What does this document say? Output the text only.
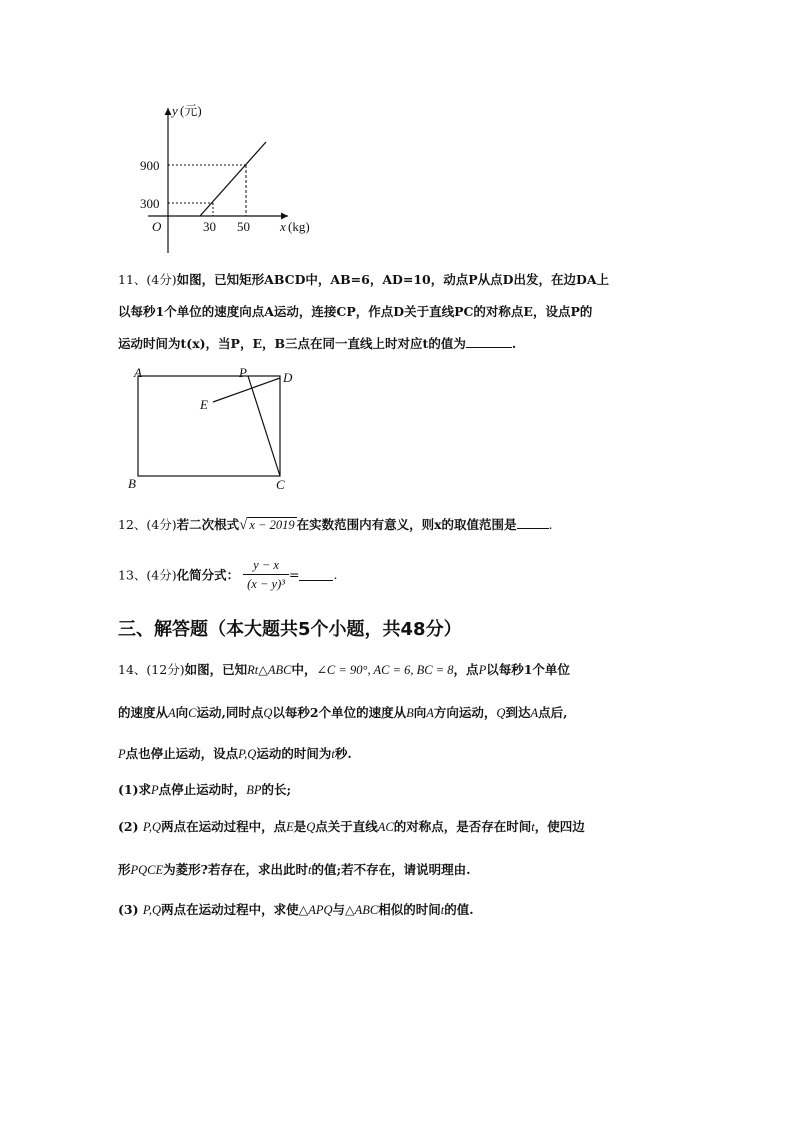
y (元)
900
300
O	30 50 x (kg)
11、(4分)如图，已知矩形ABCD中，AB=6，AD=10，动点P从点D出发，在边DA上
以每秒1个单位的速度向点A运动，连接CP，作点D关于直线PC的对称点E，设点P的
运动时间为t(x)，当P，E，B三点在同一直线上时对应t的值为	.
A	P	D
E
B	C
12、(4分)若二次根式√ x − 2019 在实数范围内有意义，则x的取值范围是	.
13、(4分)化简分式： $\frac{y - x}{\text{(x − y)³}}$ =	.
三、解答题（本大题共5个小题，共48分）
14、(12分)如图，已知Rt△ABC中，∠C = 90°, AC = 6, BC = 8，点P以每秒1个单位
的速度从A向C运动,同时点Q以每秒2个单位的速度从B向A方向运动，Q到达A点后,
P点也停止运动，设点P,Q运动的时间为t秒.
(1)求P点停止运动时，BP的长;
(2) P,Q两点在运动过程中，点E是Q点关于直线AC的对称点，是否存在时间t，使四边
形PQCE为菱形?若存在，求出此时t的值;若不存在，请说明理由.
(3) P,Q两点在运动过程中，求使△APQ与△ABC相似的时间t的值.
